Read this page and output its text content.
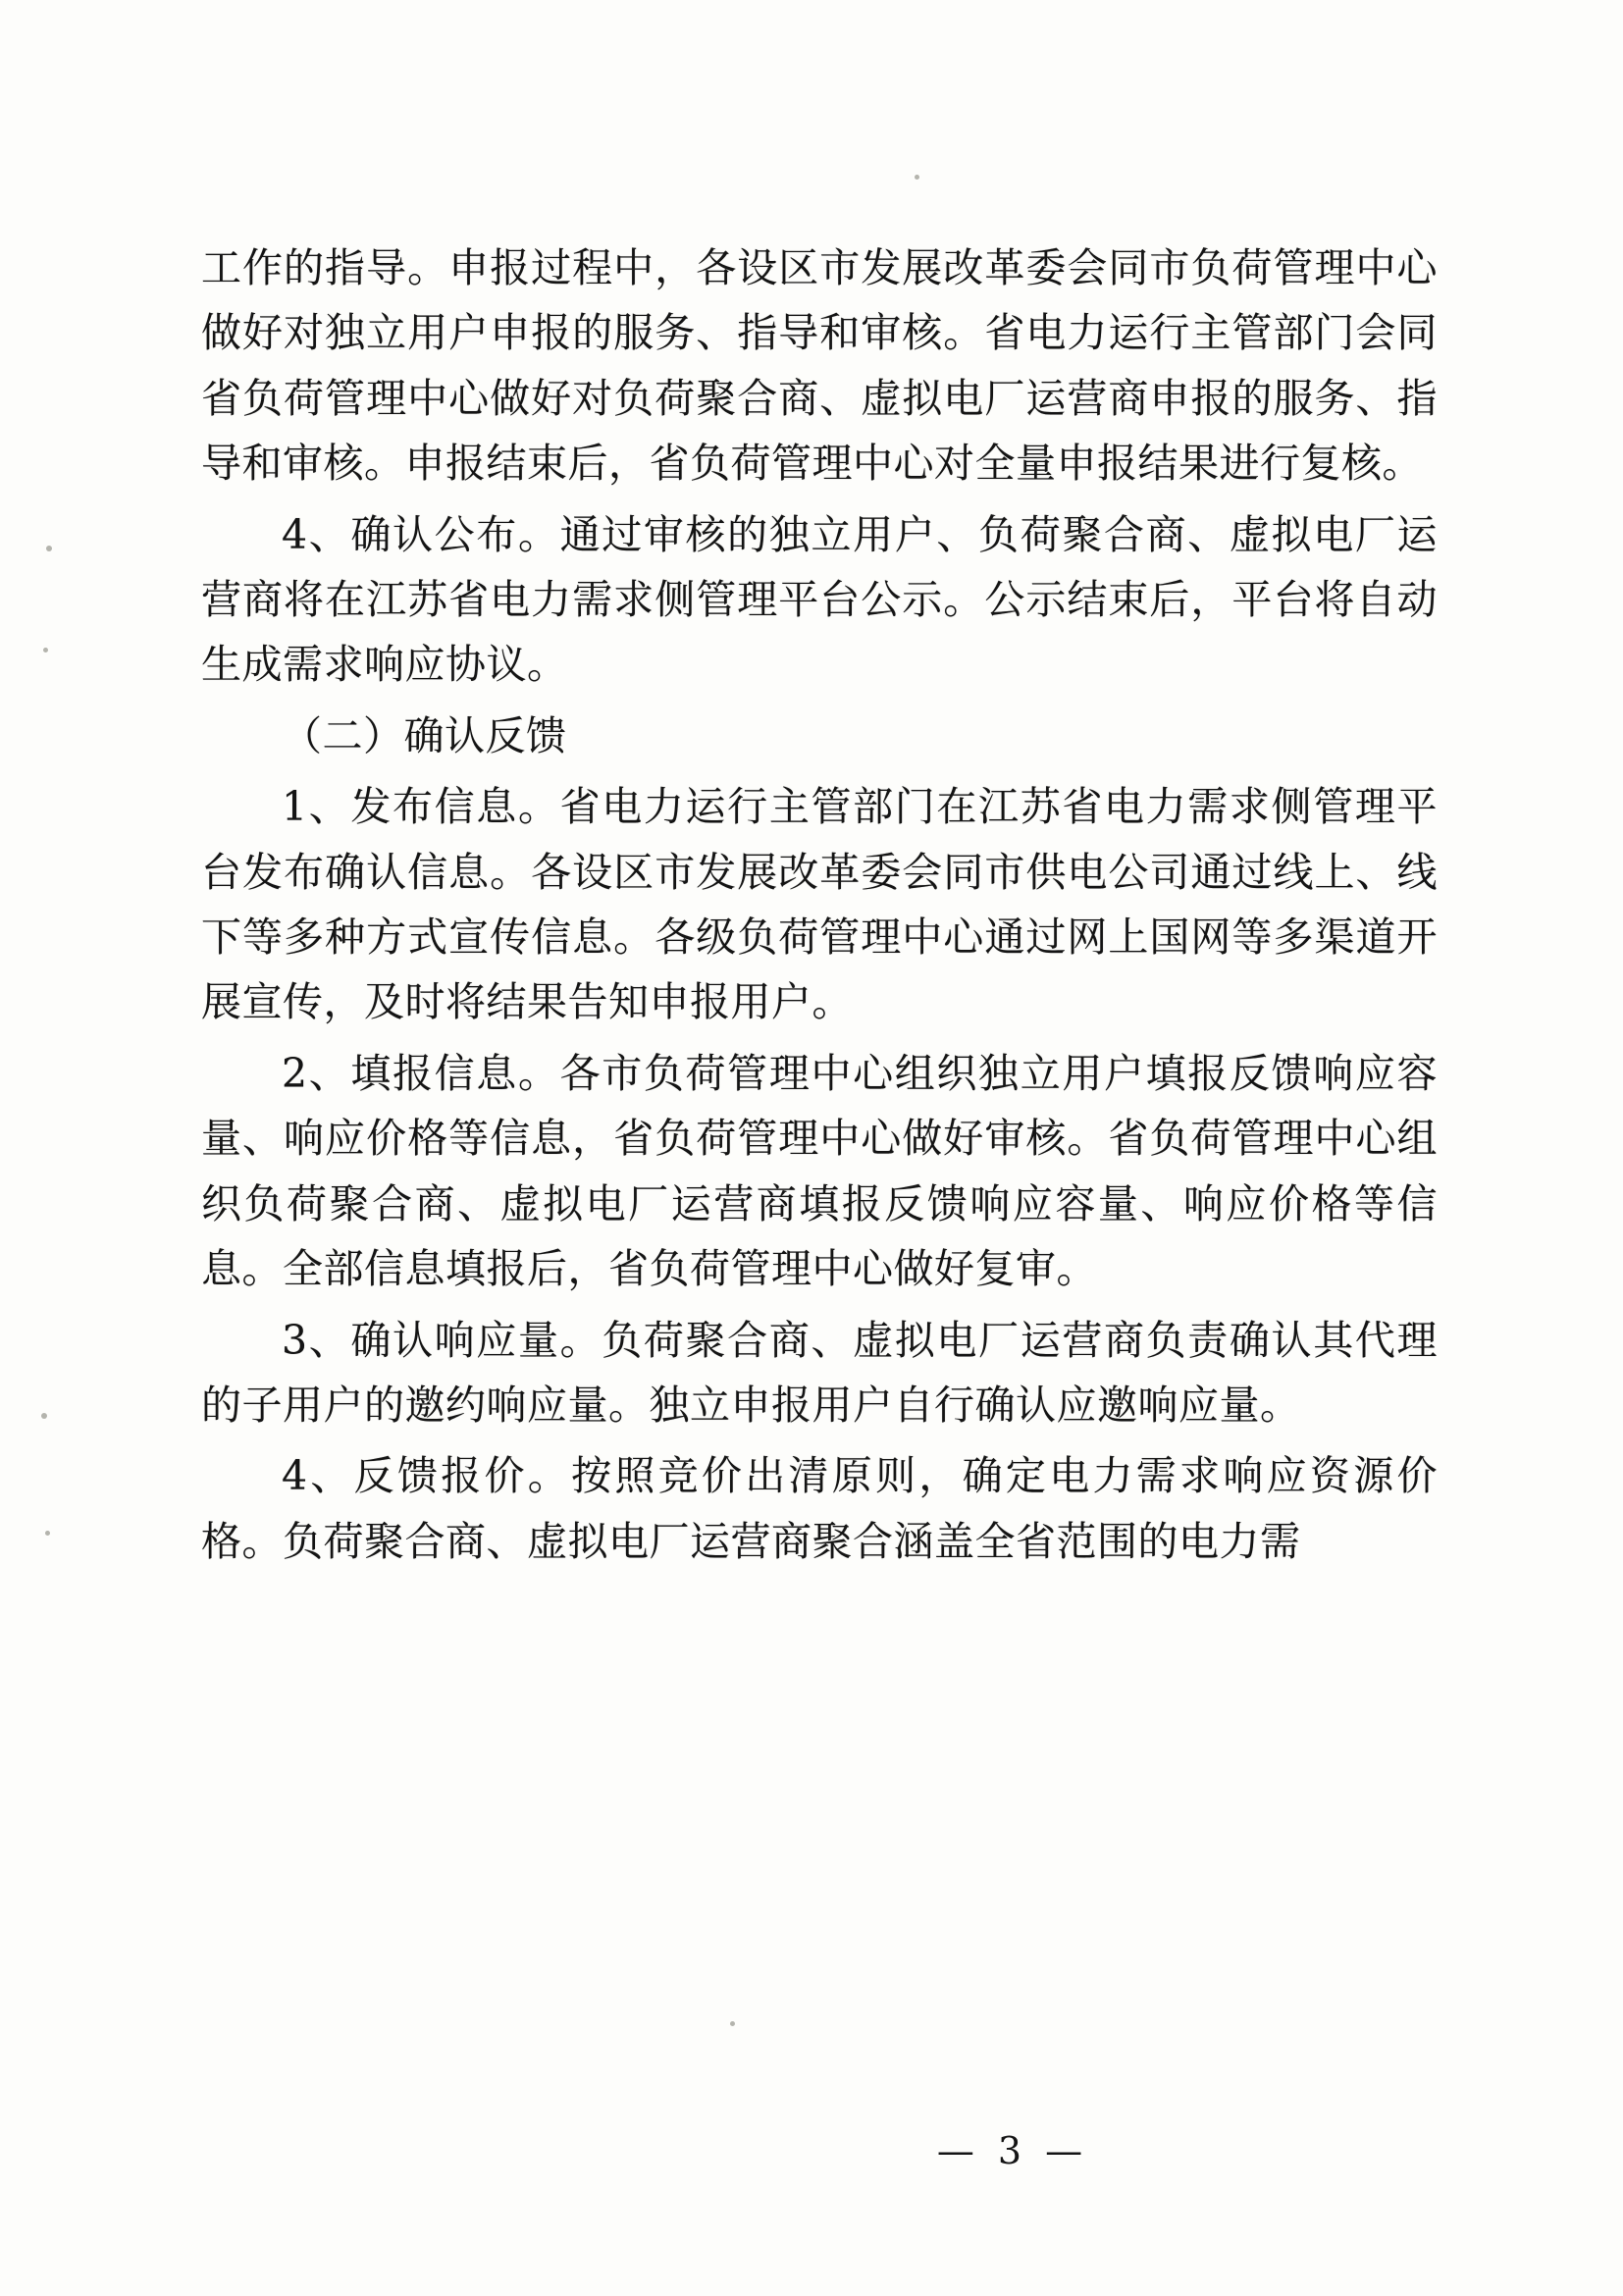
工作的指导。申报过程中，各设区市发展改革委会同市负荷管理中心做好对独立用户申报的服务、指导和审核。省电力运行主管部门会同省负荷管理中心做好对负荷聚合商、虚拟电厂运营商申报的服务、指导和审核。申报结束后，省负荷管理中心对全量申报结果进行复核。

4、确认公布。通过审核的独立用户、负荷聚合商、虚拟电厂运营商将在江苏省电力需求侧管理平台公示。公示结束后，平台将自动生成需求响应协议。

（二）确认反馈

1、发布信息。省电力运行主管部门在江苏省电力需求侧管理平台发布确认信息。各设区市发展改革委会同市供电公司通过线上、线下等多种方式宣传信息。各级负荷管理中心通过网上国网等多渠道开展宣传，及时将结果告知申报用户。

2、填报信息。各市负荷管理中心组织独立用户填报反馈响应容量、响应价格等信息，省负荷管理中心做好审核。省负荷管理中心组织负荷聚合商、虚拟电厂运营商填报反馈响应容量、响应价格等信息。全部信息填报后，省负荷管理中心做好复审。

3、确认响应量。负荷聚合商、虚拟电厂运营商负责确认其代理的子用户的邀约响应量。独立申报用户自行确认应邀响应量。

4、反馈报价。按照竞价出清原则，确定电力需求响应资源价格。负荷聚合商、虚拟电厂运营商聚合涵盖全省范围的电力需

— 3 —
